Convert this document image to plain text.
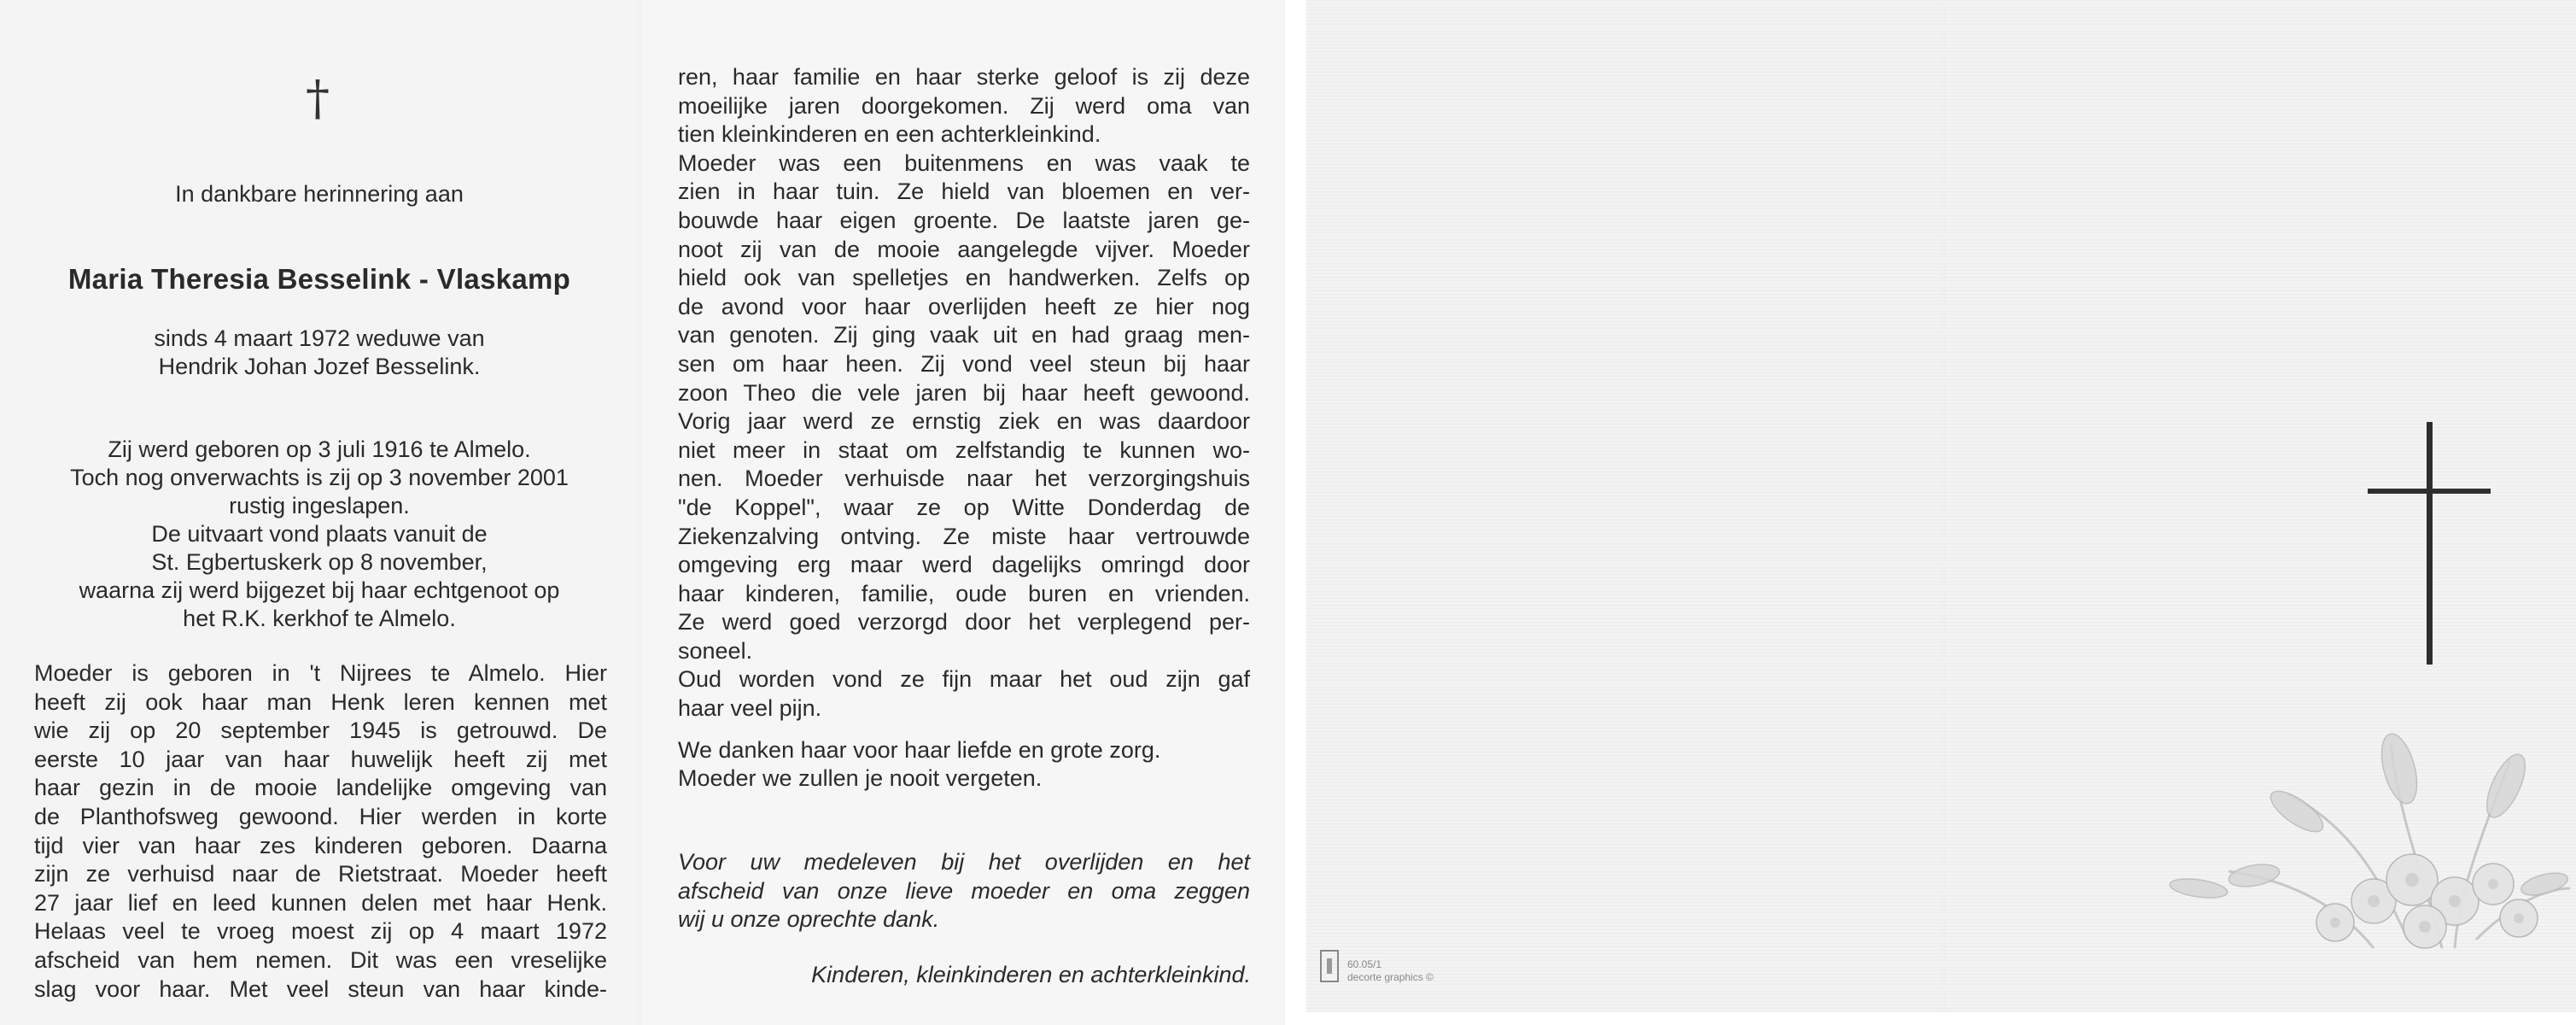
†
In dankbare herinnering aan
Maria Theresia Besselink - Vlaskamp
sinds 4 maart 1972 weduwe van
Hendrik Johan Jozef Besselink.
Zij werd geboren op 3 juli 1916 te Almelo.
Toch nog onverwachts is zij op 3 november 2001
rustig ingeslapen.
De uitvaart vond plaats vanuit de
St. Egbertuskerk op 8 november,
waarna zij werd bijgezet bij haar echtgenoot op
het R.K. kerkhof te Almelo.
Moeder is geboren in 't Nijrees te Almelo. Hier
heeft zij ook haar man Henk leren kennen met
wie zij op 20 september 1945 is getrouwd. De
eerste 10 jaar van haar huwelijk heeft zij met
haar gezin in de mooie landelijke omgeving van
de Planthofsweg gewoond. Hier werden in korte
tijd vier van haar zes kinderen geboren. Daarna
zijn ze verhuisd naar de Rietstraat. Moeder heeft
27 jaar lief en leed kunnen delen met haar Henk.
Helaas veel te vroeg moest zij op 4 maart 1972
afscheid van hem nemen. Dit was een vreselijke
slag voor haar. Met veel steun van haar kinde-
ren, haar familie en haar sterke geloof is zij deze
moeilijke jaren doorgekomen. Zij werd oma van
tien kleinkinderen en een achterkleinkind.
Moeder was een buitenmens en was vaak te
zien in haar tuin. Ze hield van bloemen en ver-
bouwde haar eigen groente. De laatste jaren ge-
noot zij van de mooie aangelegde vijver. Moeder
hield ook van spelletjes en handwerken. Zelfs op
de avond voor haar overlijden heeft ze hier nog
van genoten. Zij ging vaak uit en had graag men-
sen om haar heen. Zij vond veel steun bij haar
zoon Theo die vele jaren bij haar heeft gewoond.
Vorig jaar werd ze ernstig ziek en was daardoor
niet meer in staat om zelfstandig te kunnen wo-
nen. Moeder verhuisde naar het verzorgingshuis
"de Koppel", waar ze op Witte Donderdag de
Ziekenzalving ontving. Ze miste haar vertrouwde
omgeving erg maar werd dagelijks omringd door
haar kinderen, familie, oude buren en vrienden.
Ze werd goed verzorgd door het verplegend per-
soneel.
Oud worden vond ze fijn maar het oud zijn gaf
haar veel pijn.
We danken haar voor haar liefde en grote zorg.
Moeder we zullen je nooit vergeten.
Voor uw medeleven bij het overlijden en het
afscheid van onze lieve moeder en oma zeggen
wij u onze oprechte dank.
Kinderen, kleinkinderen en achterkleinkind.	60.05/1
decorte graphics ©
